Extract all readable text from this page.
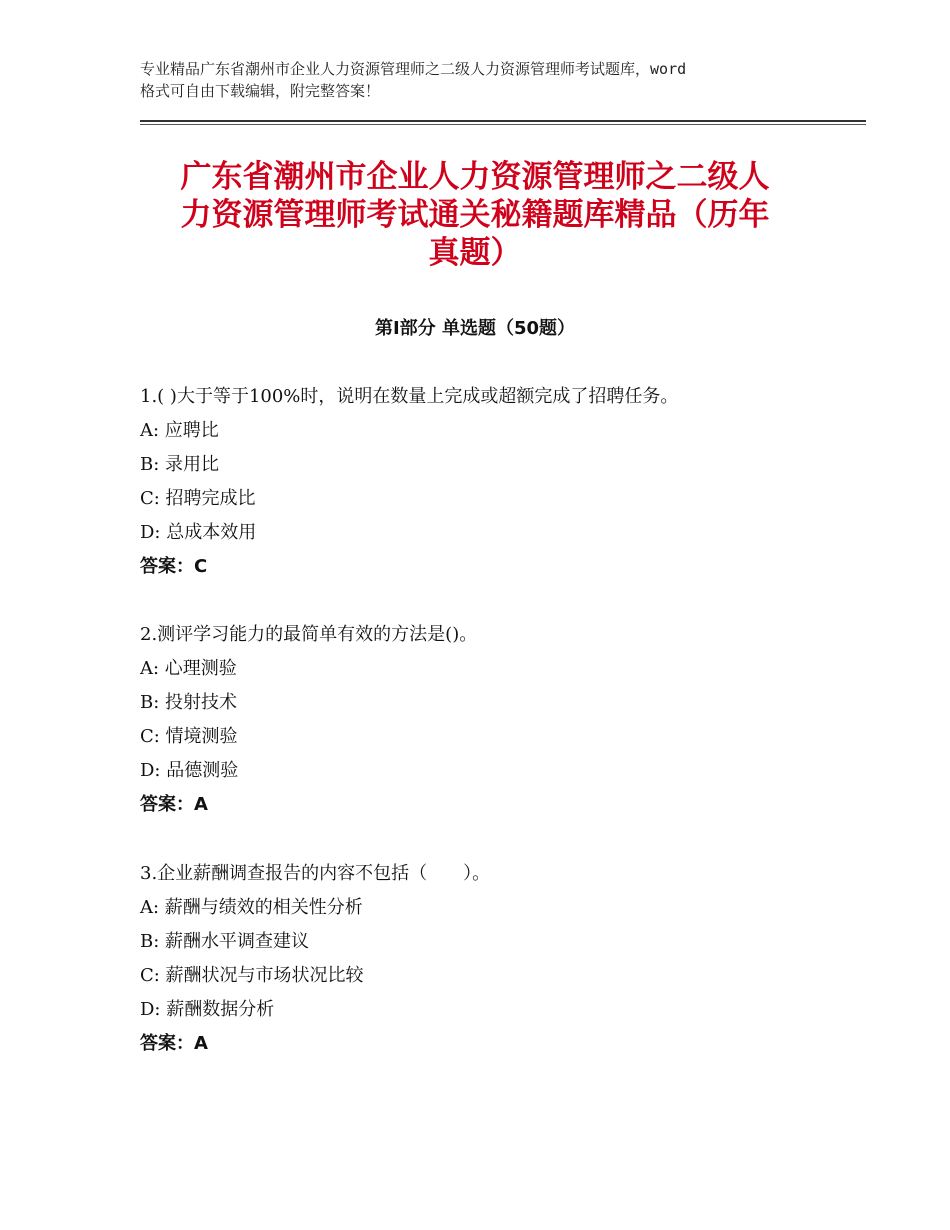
专业精品广东省潮州市企业人力资源管理师之二级人力资源管理师考试题库，word
格式可自由下载编辑，附完整答案！
广东省潮州市企业人力资源管理师之二级人
力资源管理师考试通关秘籍题库精品（历年
真题）
第Ⅰ部分 单选题（50题）
1.( )大于等于100%时，说明在数量上完成或超额完成了招聘任务。
A: 应聘比
B: 录用比
C: 招聘完成比
D: 总成本效用
答案：C
2.测评学习能力的最简单有效的方法是()。
A: 心理测验
B: 投射技术
C: 情境测验
D: 品德测验
答案：A
3.企业薪酬调查报告的内容不包括（　　）。
A: 薪酬与绩效的相关性分析
B: 薪酬水平调查建议
C: 薪酬状况与市场状况比较
D: 薪酬数据分析
答案：A
